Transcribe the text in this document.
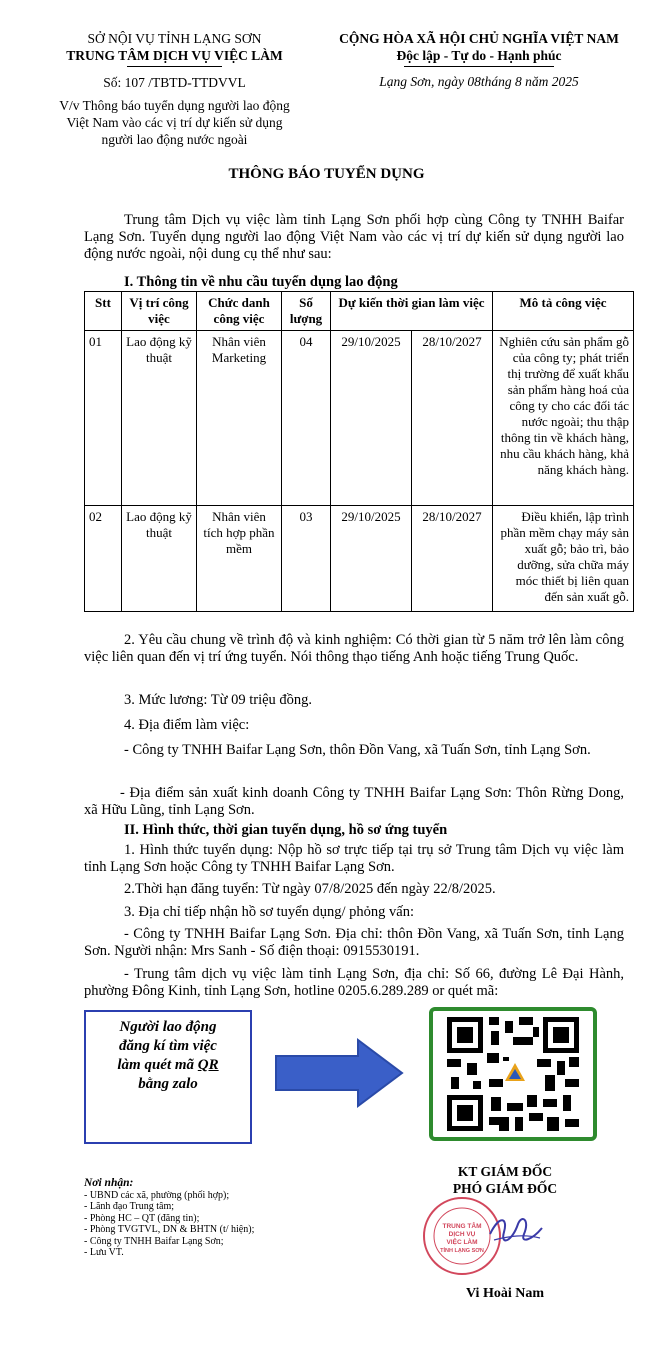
SỞ NỘI VỤ TỈNH LẠNG SƠN
TRUNG TÂM DỊCH VỤ VIỆC LÀM
Số: 107 /TBTD-TTDVVL
V/v Thông báo tuyển dụng người lao động Việt Nam vào các vị trí dự kiến sử dụng người lao động nước ngoài
CỘNG HÒA XÃ HỘI CHỦ NGHĨA VIỆT NAM
Độc lập - Tự do - Hạnh phúc
Lạng Sơn, ngày 08tháng 8 năm 2025
THÔNG BÁO TUYỂN DỤNG
Trung tâm Dịch vụ việc làm tỉnh Lạng Sơn phối hợp cùng Công ty TNHH Baifar Lạng Sơn. Tuyển dụng người lao động Việt Nam vào các vị trí dự kiến sử dụng người lao động nước ngoài, nội dung cụ thể như sau:
I. Thông tin về nhu cầu tuyển dụng lao động
Stt	Vị trí công việc	Chức danh công việc	Số lượng	Dự kiến thời gian làm việc		Mô tả công việc
01	Lao động kỹ thuật	Nhân viên Marketing	04	29/10/2025	28/10/2027	Nghiên cứu sản phẩm gỗ của công ty; phát triển thị trường để xuất khẩu sản phẩm hàng hoá của công ty cho các đối tác nước ngoài; thu thập thông tin về khách hàng, nhu cầu khách hàng, khả năng khách hàng.
02	Lao động kỹ thuật	Nhân viên tích hợp phần mềm	03	29/10/2025	28/10/2027	Điều khiển, lập trình phần mềm chạy máy sản xuất gỗ; bảo trì, bảo dưỡng, sửa chữa máy móc thiết bị liên quan đến sản xuất gỗ.
2. Yêu cầu chung về trình độ và kinh nghiệm: Có thời gian từ 5 năm trở lên làm công việc liên quan đến vị trí ứng tuyển. Nói thông thạo tiếng Anh hoặc tiếng Trung Quốc.
3. Mức lương: Từ 09 triệu đồng.
4. Địa điểm làm việc:
- Công ty TNHH Baifar Lạng Sơn, thôn Đồn Vang, xã Tuấn Sơn, tỉnh Lạng Sơn.
- Địa điểm sản xuất kinh doanh Công ty TNHH Baifar Lạng Sơn: Thôn Rừng Dong, xã Hữu Lũng, tỉnh Lạng Sơn.
II. Hình thức, thời gian tuyển dụng, hồ sơ ứng tuyển
1. Hình thức tuyển dụng: Nộp hồ sơ trực tiếp tại trụ sở Trung tâm Dịch vụ việc làm tỉnh Lạng Sơn hoặc Công ty TNHH Baifar Lạng Sơn.
2.Thời hạn đăng tuyển: Từ ngày 07/8/2025 đến ngày 22/8/2025.
3. Địa chỉ tiếp nhận hồ sơ tuyển dụng/ phỏng vấn:
- Công ty TNHH Baifar Lạng Sơn. Địa chỉ: thôn Đồn Vang, xã Tuấn Sơn, tỉnh Lạng Sơn. Người nhận: Mrs Sanh - Số điện thoại: 0915530191.
- Trung tâm dịch vụ việc làm tỉnh Lạng Sơn, địa chỉ: Số 66, đường Lê Đại Hành, phường Đông Kinh, tỉnh Lạng Sơn, hotline 0205.6.289.289 or quét mã:
Người lao động
đăng kí tìm việc
làm quét mã QR
bằng zalo
Nơi nhận:
- UBND các xã, phường (phối hợp);
- Lãnh đạo Trung tâm;
- Phòng HC – QT (đăng tin);
- Phòng TVGTVL, DN & BHTN (t/ hiện);
- Công ty TNHH Baifar Lạng Sơn;
- Lưu VT.
KT GIÁM ĐỐC
PHÓ GIÁM ĐỐC
TRUNG TÂM
DỊCH VỤ
VIỆC LÀM
TỈNH LẠNG SƠN
Vi Hoài Nam
